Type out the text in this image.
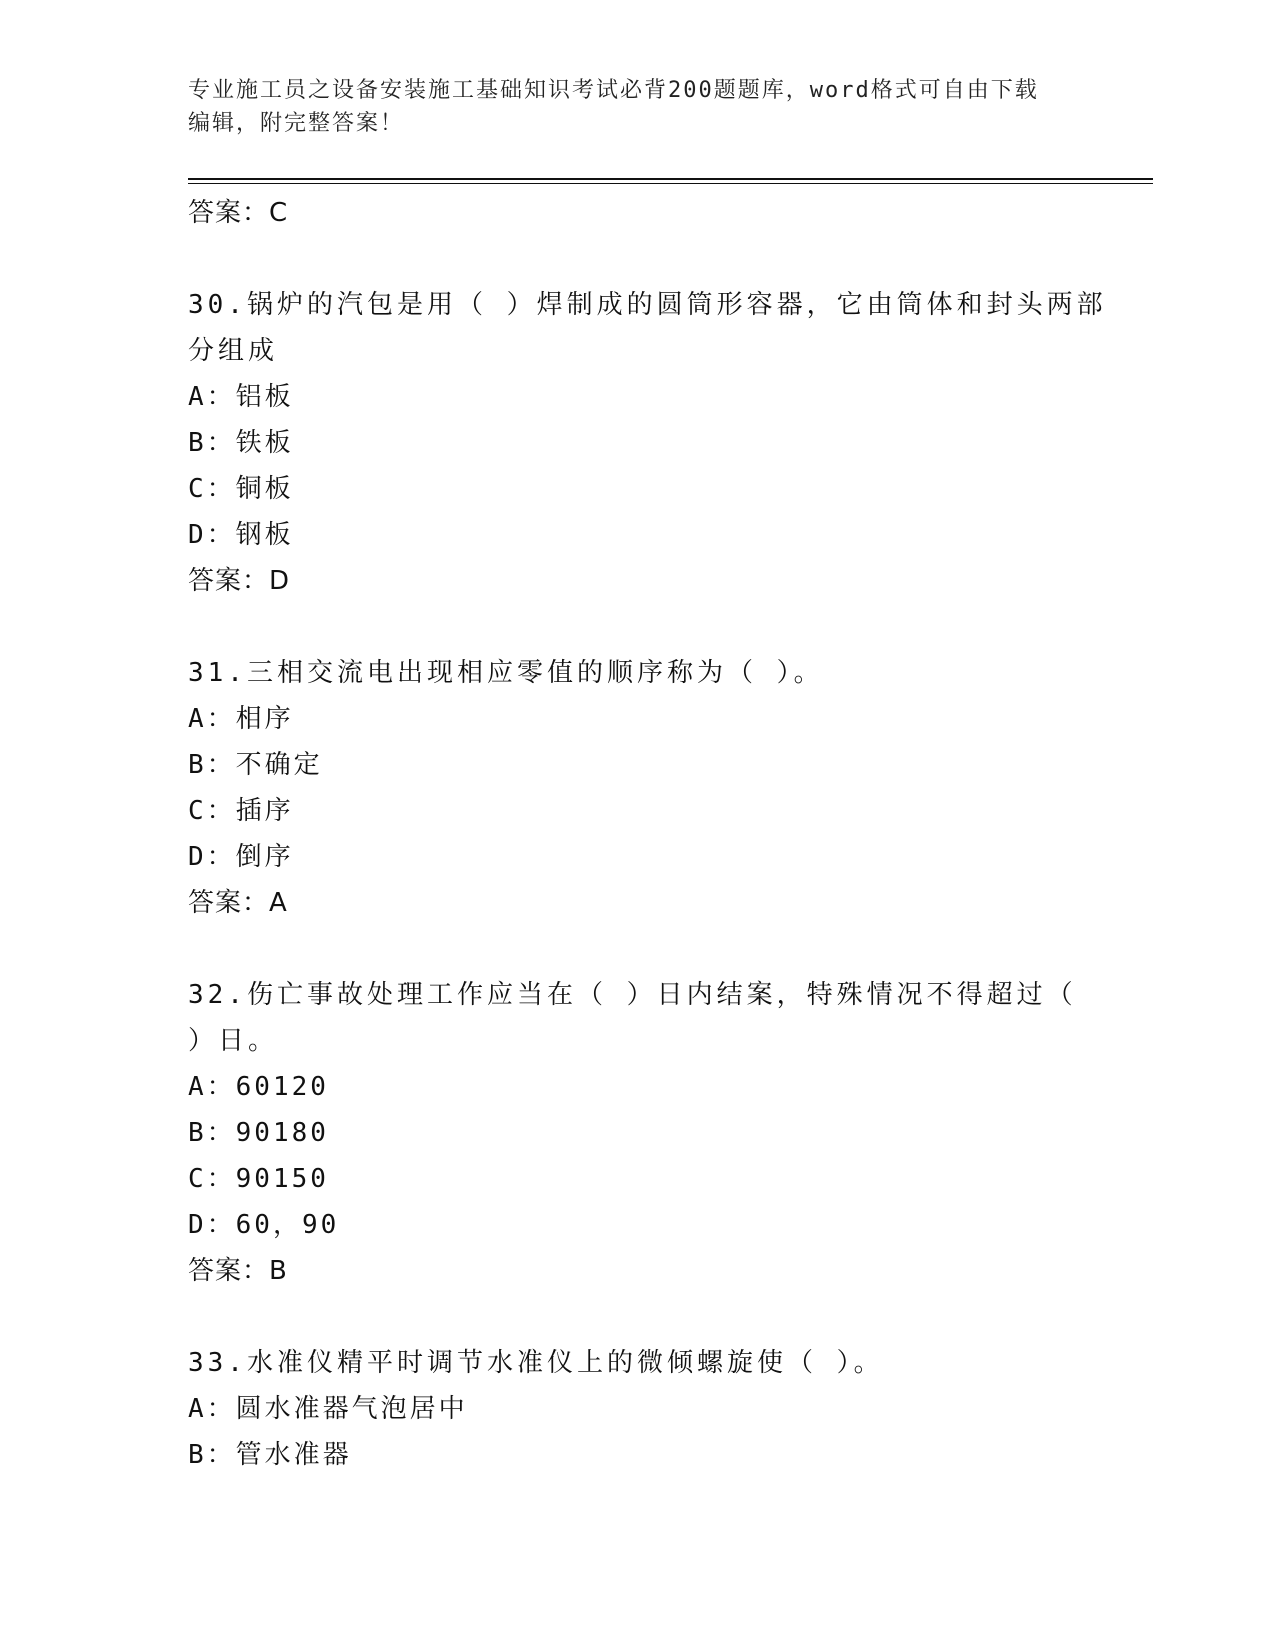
专业施工员之设备安装施工基础知识考试必背200题题库，word格式可自由下载
编辑，附完整答案！
答案：C
30.锅炉的汽包是用（ ）焊制成的圆筒形容器，它由筒体和封头两部分组成
A：铝板
B：铁板
C：铜板
D：钢板
答案：D
31.三相交流电出现相应零值的顺序称为（ ）。
A：相序
B：不确定
C：插序
D：倒序
答案：A
32.伤亡事故处理工作应当在（ ）日内结案，特殊情况不得超过（ ）日。
A：60120
B：90180
C：90150
D：60，90
答案：B
33.水准仪精平时调节水准仪上的微倾螺旋使（ ）。
A：圆水准器气泡居中
B：管水准器
